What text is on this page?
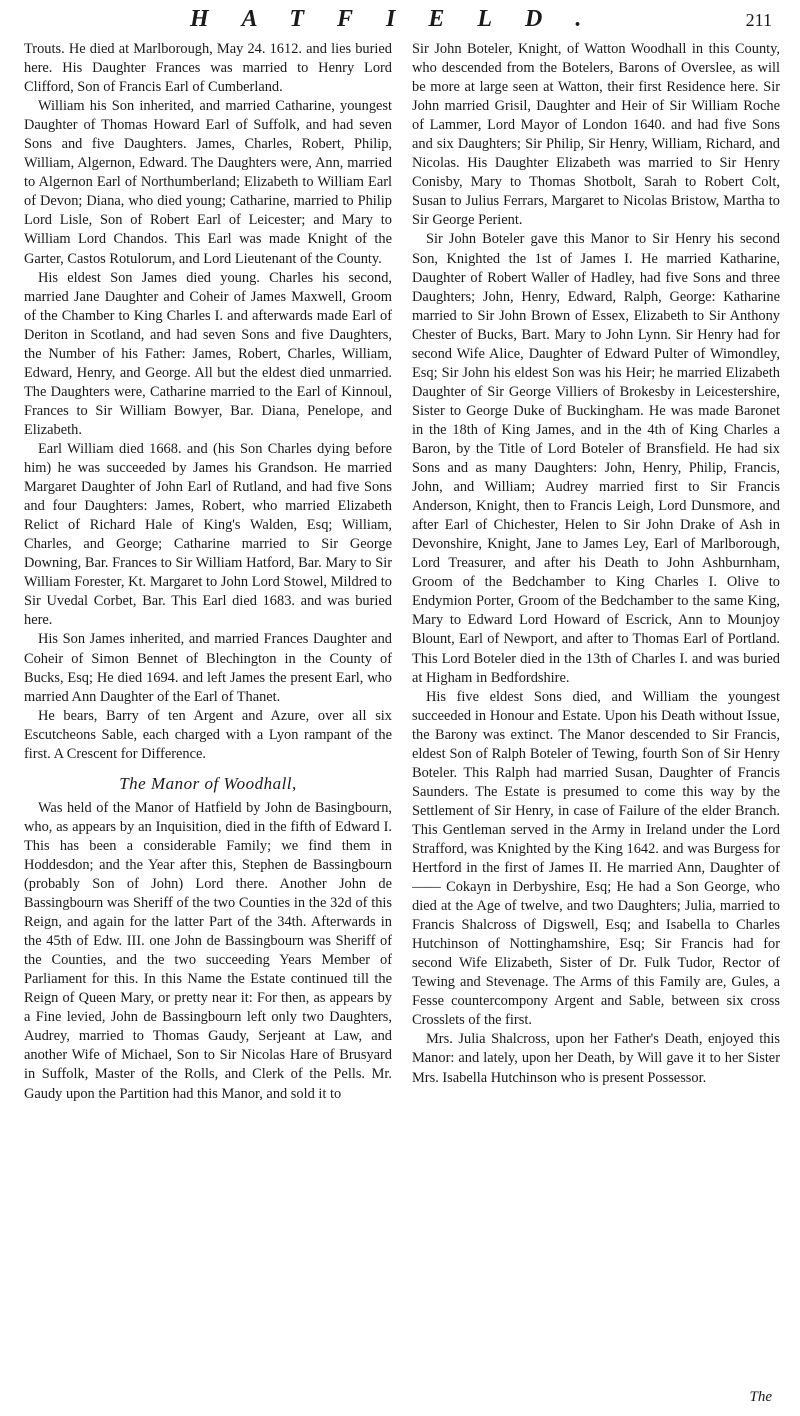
HATFIELD.	211

Trouts. He died at Marlborough, May 24. 1612. and lies buried here. His Daughter Frances was married to Henry Lord Clifford, Son of Francis Earl of Cumberland.

William his Son inherited, and married Catharine, youngest Daughter of Thomas Howard Earl of Suffolk, and had seven Sons and five Daughters. James, Charles, Robert, Philip, William, Algernon, Edward. The Daughters were, Ann, married to Algernon Earl of Northumberland; Elizabeth to William Earl of Devon; Diana, who died young; Catharine, married to Philip Lord Lisle, Son of Robert Earl of Leicester; and Mary to William Lord Chandos. This Earl was made Knight of the Garter, Castos Rotulorum, and Lord Lieutenant of the County.

His eldest Son James died young. Charles his second, married Jane Daughter and Coheir of James Maxwell, Groom of the Chamber to King Charles I. and afterwards made Earl of Deriton in Scotland, and had seven Sons and five Daughters, the Number of his Father: James, Robert, Charles, William, Edward, Henry, and George. All but the eldest died unmarried. The Daughters were, Catharine married to the Earl of Kinnoul, Frances to Sir William Bowyer, Bar. Diana, Penelope, and Elizabeth.

Earl William died 1668. and (his Son Charles dying before him) he was succeeded by James his Grandson. He married Margaret Daughter of John Earl of Rutland, and had five Sons and four Daughters: James, Robert, who married Elizabeth Relict of Richard Hale of King's Walden, Esq; William, Charles, and George; Catharine married to Sir George Downing, Bar. Frances to Sir William Hatford, Bar. Mary to Sir William Forester, Kt. Margaret to John Lord Stowel, Mildred to Sir Uvedal Corbet, Bar. This Earl died 1683. and was buried here.

His Son James inherited, and married Frances Daughter and Coheir of Simon Bennet of Blechington in the County of Bucks, Esq; He died 1694. and left James the present Earl, who married Ann Daughter of the Earl of Thanet.

He bears, Barry of ten Argent and Azure, over all six Escutcheons Sable, each charged with a Lyon rampant of the first. A Crescent for Difference.

The Manor of Woodhall,

Was held of the Manor of Hatfield by John de Basingbourn, who, as appears by an Inquisition, died in the fifth of Edward I. This has been a considerable Family; we find them in Hoddesdon; and the Year after this, Stephen de Bassingbourn (probably Son of John) Lord there. Another John de Bassingbourn was Sheriff of the two Counties in the 32d of this Reign, and again for the latter Part of the 34th. Afterwards in the 45th of Edw. III. one John de Bassingbourn was Sheriff of the Counties, and the two succeeding Years Member of Parliament for this. In this Name the Estate continued till the Reign of Queen Mary, or pretty near it: For then, as appears by a Fine levied, John de Bassingbourn left only two Daughters, Audrey, married to Thomas Gaudy, Serjeant at Law, and another Wife of Michael, Son to Sir Nicolas Hare of Brusyard in Suffolk, Master of the Rolls, and Clerk of the Pells. Mr. Gaudy upon the Partition had this Manor, and sold it to

Sir John Boteler, Knight, of Watton Woodhall in this County, who descended from the Botelers, Barons of Overslee, as will be more at large seen at Watton, their first Residence here. Sir John married Grisil, Daughter and Heir of Sir William Roche of Lammer, Lord Mayor of London 1640. and had five Sons and six Daughters; Sir Philip, Sir Henry, William, Richard, and Nicolas. His Daughter Elizabeth was married to Sir Henry Conisby, Mary to Thomas Shotbolt, Sarah to Robert Colt, Susan to Julius Ferrars, Margaret to Nicolas Bristow, Martha to Sir George Perient.

Sir John Boteler gave this Manor to Sir Henry his second Son, Knighted the 1st of James I. He married Katharine, Daughter of Robert Waller of Hadley, had five Sons and three Daughters; John, Henry, Edward, Ralph, George: Katharine married to Sir John Brown of Essex, Elizabeth to Sir Anthony Chester of Bucks, Bart. Mary to John Lynn. Sir Henry had for second Wife Alice, Daughter of Edward Pulter of Wimondley, Esq; Sir John his eldest Son was his Heir; he married Elizabeth Daughter of Sir George Villiers of Brokesby in Leicestershire, Sister to George Duke of Buckingham. He was made Baronet in the 18th of King James, and in the 4th of King Charles a Baron, by the Title of Lord Boteler of Bransfield. He had six Sons and as many Daughters: John, Henry, Philip, Francis, John, and William; Audrey married first to Sir Francis Anderson, Knight, then to Francis Leigh, Lord Dunsmore, and after Earl of Chichester, Helen to Sir John Drake of Ash in Devonshire, Knight, Jane to James Ley, Earl of Marlborough, Lord Treasurer, and after his Death to John Ashburnham, Groom of the Bedchamber to King Charles I. Olive to Endymion Porter, Groom of the Bedchamber to the same King, Mary to Edward Lord Howard of Escrick, Ann to Mounjoy Blount, Earl of Newport, and after to Thomas Earl of Portland. This Lord Boteler died in the 13th of Charles I. and was buried at Higham in Bedfordshire.

His five eldest Sons died, and William the youngest succeeded in Honour and Estate. Upon his Death without Issue, the Barony was extinct. The Manor descended to Sir Francis, eldest Son of Ralph Boteler of Tewing, fourth Son of Sir Henry Boteler. This Ralph had married Susan, Daughter of Francis Saunders. The Estate is presumed to come this way by the Settlement of Sir Henry, in case of Failure of the elder Branch. This Gentleman served in the Army in Ireland under the Lord Strafford, was Knighted by the King 1642. and was Burgess for Hertford in the first of James II. He married Ann, Daughter of —— Cokayn in Derbyshire, Esq; He had a Son George, who died at the Age of twelve, and two Daughters; Julia, married to Francis Shalcross of Digswell, Esq; and Isabella to Charles Hutchinson of Nottinghamshire, Esq; Sir Francis had for second Wife Elizabeth, Sister of Dr. Fulk Tudor, Rector of Tewing and Stevenage. The Arms of this Family are, Gules, a Fesse countercompony Argent and Sable, between six cross Crosslets of the first.

Mrs. Julia Shalcross, upon her Father's Death, enjoyed this Manor: and lately, upon her Death, by Will gave it to her Sister Mrs. Isabella Hutchinson who is present Possessor.

The
